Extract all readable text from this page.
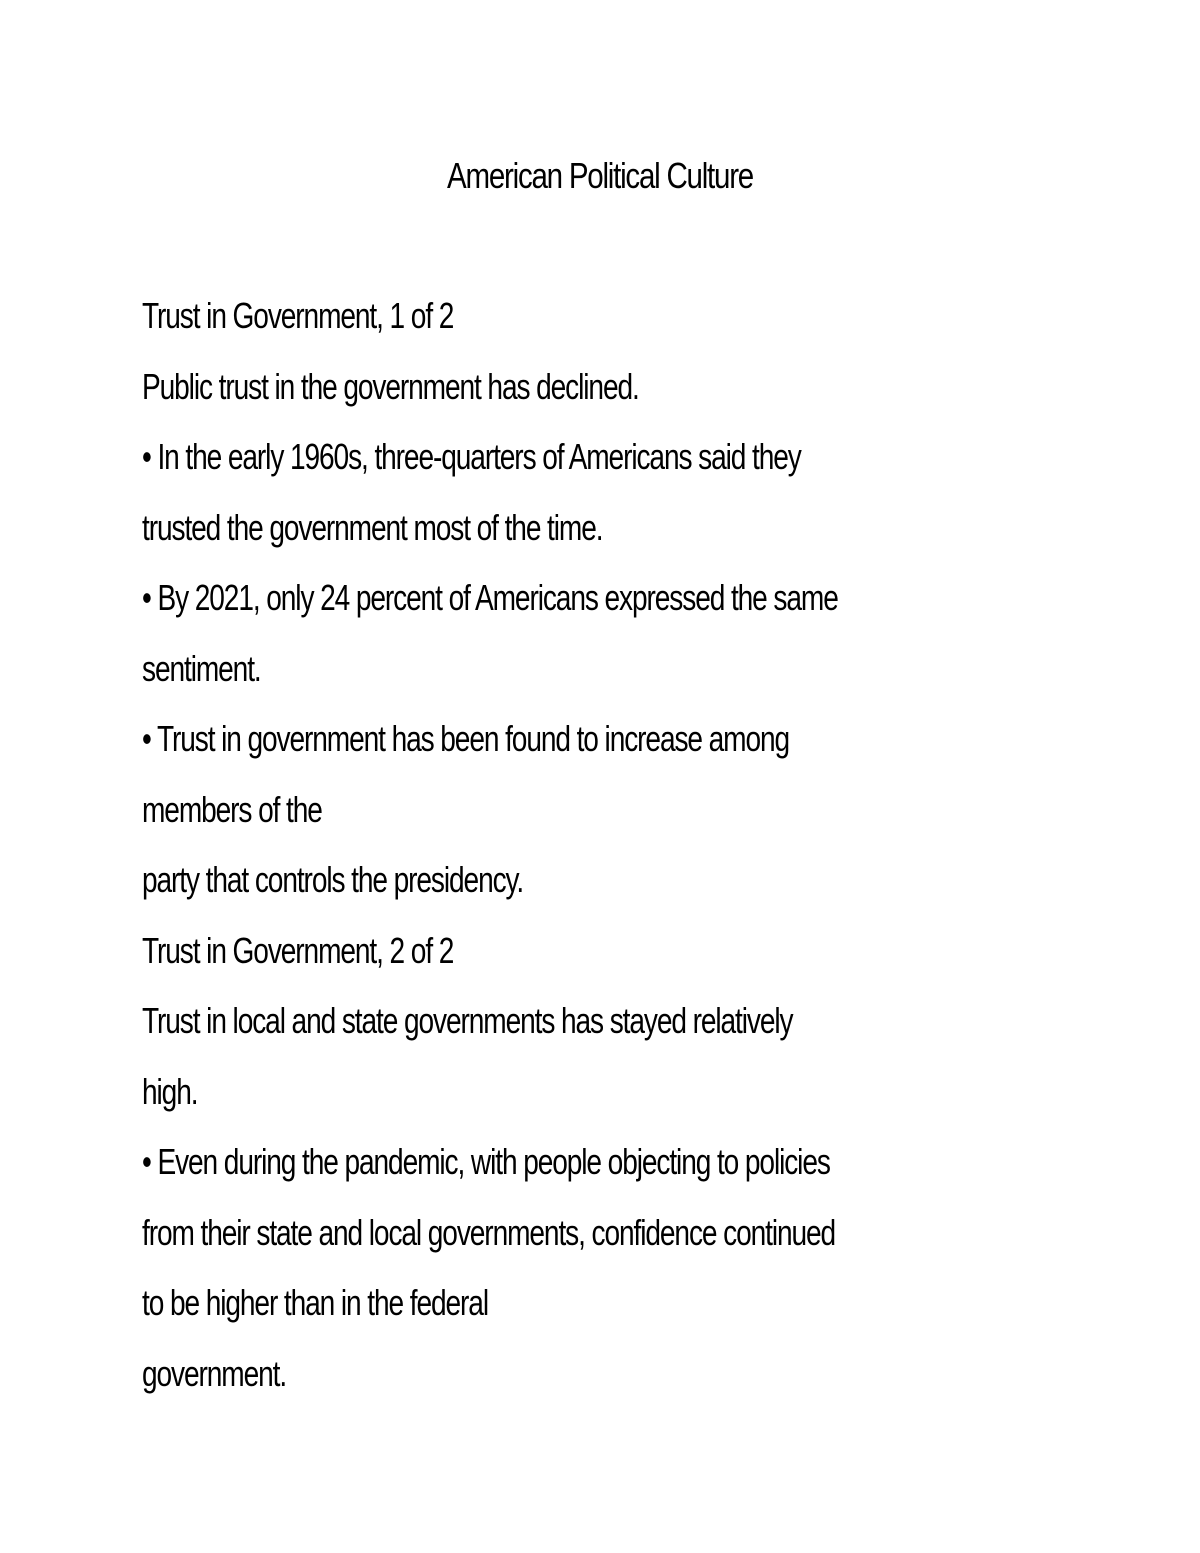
American Political Culture
Trust in Government, 1 of 2
Public trust in the government has declined.
• In the early 1960s, three-quarters of Americans said they
trusted the government most of the time.
• By 2021, only 24 percent of Americans expressed the same
sentiment.
• Trust in government has been found to increase among
members of the
party that controls the presidency.
Trust in Government, 2 of 2
Trust in local and state governments has stayed relatively
high.
• Even during the pandemic, with people objecting to policies
from their state and local governments, confidence continued
to be higher than in the federal
government.
